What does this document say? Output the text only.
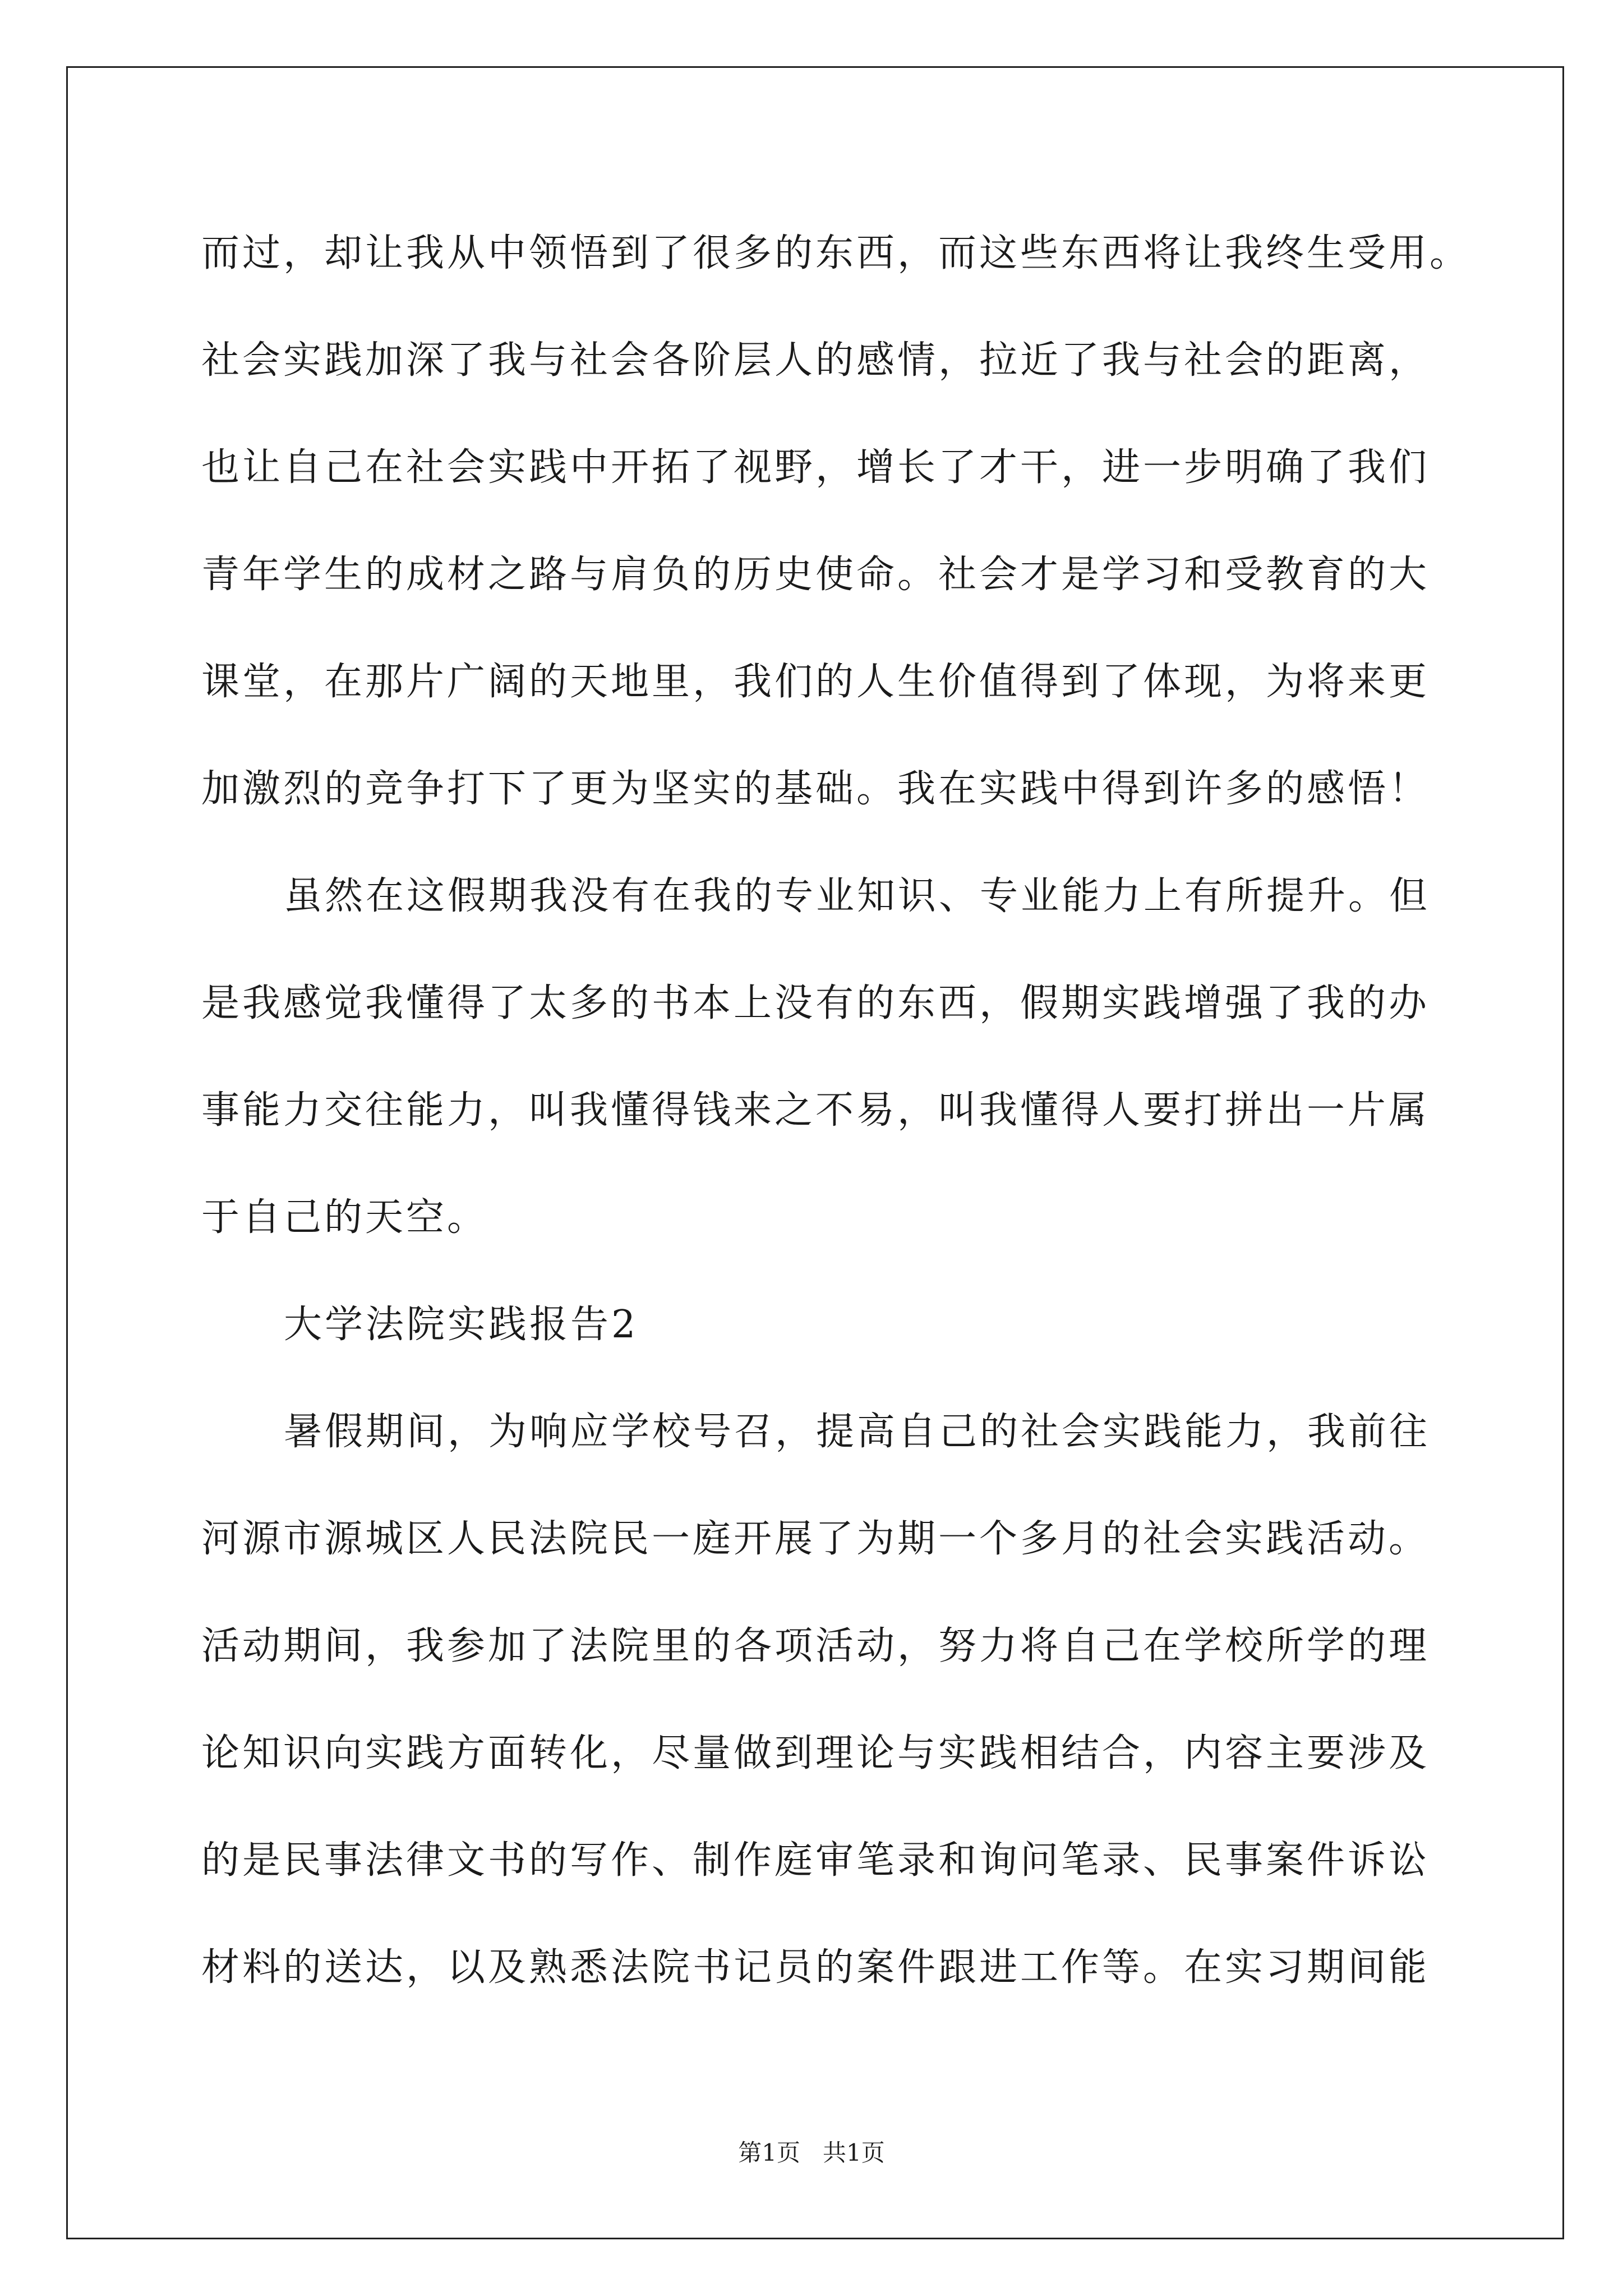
而过，却让我从中领悟到了很多的东西，而这些东西将让我终生受用。
社会实践加深了我与社会各阶层人的感情，拉近了我与社会的距离，
也让自己在社会实践中开拓了视野，增长了才干，进一步明确了我们
青年学生的成材之路与肩负的历史使命。社会才是学习和受教育的大
课堂，在那片广阔的天地里，我们的人生价值得到了体现，为将来更
加激烈的竞争打下了更为坚实的基础。我在实践中得到许多的感悟！
虽然在这假期我没有在我的专业知识、专业能力上有所提升。但
是我感觉我懂得了太多的书本上没有的东西，假期实践增强了我的办
事能力交往能力，叫我懂得钱来之不易，叫我懂得人要打拼出一片属
于自己的天空。
大学法院实践报告2
暑假期间，为响应学校号召，提高自己的社会实践能力，我前往
河源市源城区人民法院民一庭开展了为期一个多月的社会实践活动。
活动期间，我参加了法院里的各项活动，努力将自己在学校所学的理
论知识向实践方面转化，尽量做到理论与实践相结合，内容主要涉及
的是民事法律文书的写作、制作庭审笔录和询问笔录、民事案件诉讼
材料的送达，以及熟悉法院书记员的案件跟进工作等。在实习期间能
第1页 共1页
